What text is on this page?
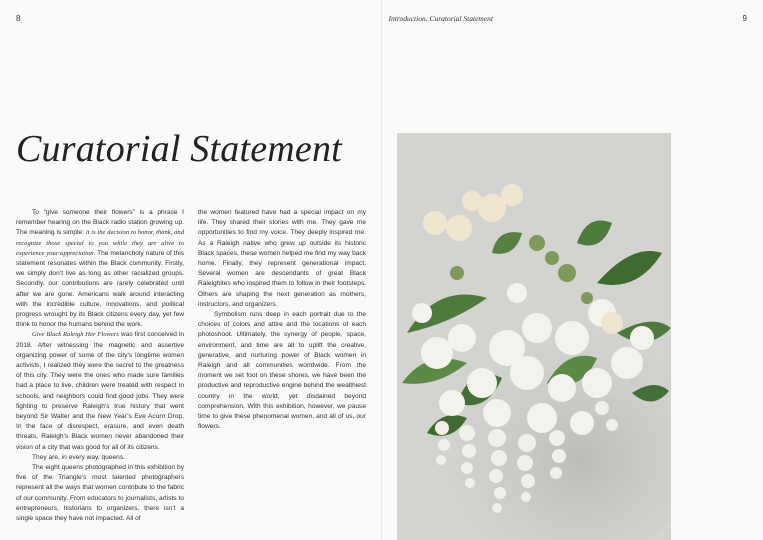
8	Introduction. Curatorial Statement	9
Curatorial Statement

To “give someone their flowers” is a phrase I remember hearing on the Black radio station growing up. The meaning is simple: it is the decision to honor, thank, and recognize those special to you while they are alive to experience your appreciation. The melancholy nature of this statement resonates within the Black community. Firstly, we simply don’t live as long as other racialized groups. Secondly, our contributions are rarely celebrated until after we are gone. Americans walk around interacting with the incredible culture, innovations, and political progress wrought by its Black citizens every day, yet few think to honor the humans behind the work.

Give Black Raleigh Her Flowers was first conceived in 2018. After witnessing the magnetic and assertive organizing power of some of the city’s longtime women activists, I realized they were the secret to the greatness of this city. They were the ones who made sure families had a place to live, children were treated with respect in schools, and neighbors could find good jobs. They were fighting to preserve Raleigh’s true history that went beyond Sir Walter and the New Year’s Eve Acorn Drop. In the face of disrespect, erasure, and even death threats, Raleigh’s Black women never abandoned their vision of a city that was good for all of its citizens.

They are, in every way, queens.

The eight queens photographed in this exhibition by five of the Triangle’s most talented photographers represent all the ways that women contribute to the fabric of our community. From educators to journalists, artists to entrepreneurs, historians to organizers, there isn’t a single space they have not impacted. All of

the women featured have had a special impact on my life. They shared their stories with me. They gave me opportunities to find my voice. They deeply inspired me. As a Raleigh native who grew up outside its historic Black spaces, these women helped me find my way back home. Finally, they represent generational impact. Several women are descendants of great Black Raleighites who inspired them to follow in their footsteps. Others are shaping the next generation as mothers, instructors, and organizers.

Symbolism runs deep in each portrait due to the choices of colors and attire and the locations of each photoshoot. Ultimately, the synergy of people, space, environment, and time are all to uplift the creative, generative, and nurturing power of Black women in Raleigh and all communities worldwide. From the moment we set foot on these shores, we have been the productive and reproductive engine behind the wealthiest country in the world, yet disdained beyond comprehension. With this exhibition, however, we pause time to give these phenomenal women, and all of us, our flowers.
